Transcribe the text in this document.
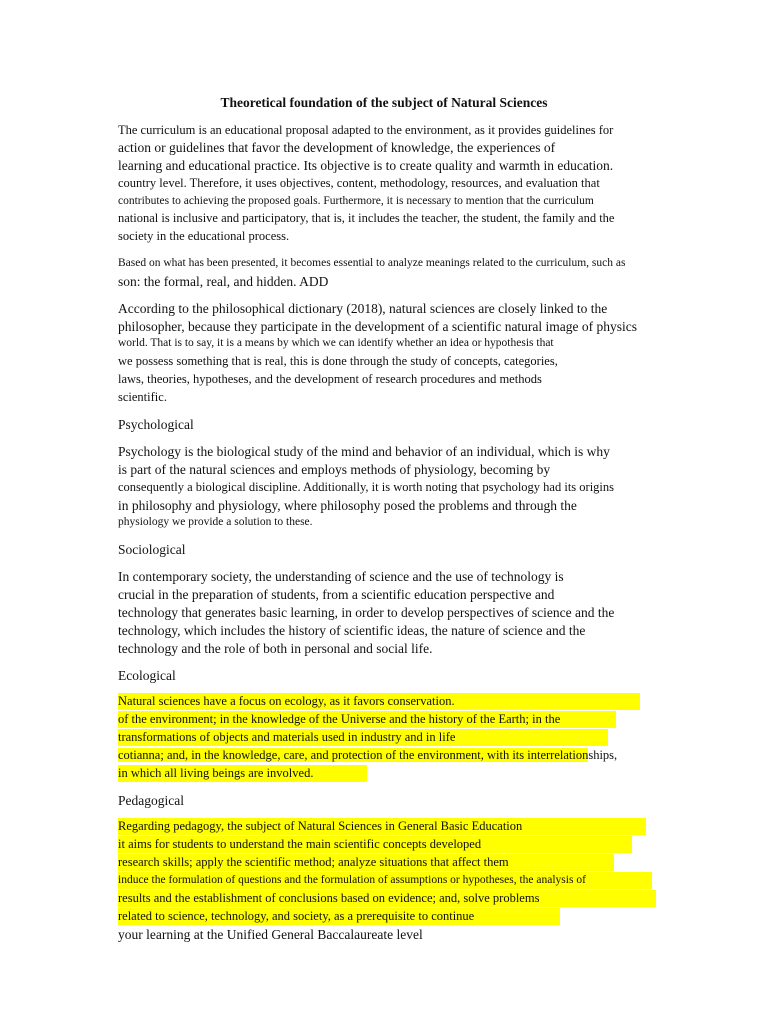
Theoretical foundation of the subject of Natural Sciences
The curriculum is an educational proposal adapted to the environment, as it provides guidelines for
action or guidelines that favor the development of knowledge, the experiences of
learning and educational practice. Its objective is to create quality and warmth in education.
country level. Therefore, it uses objectives, content, methodology, resources, and evaluation that
contributes to achieving the proposed goals. Furthermore, it is necessary to mention that the curriculum
national is inclusive and participatory, that is, it includes the teacher, the student, the family and the
society in the educational process.
Based on what has been presented, it becomes essential to analyze meanings related to the curriculum, such as
son: the formal, real, and hidden. ADD
According to the philosophical dictionary (2018), natural sciences are closely linked to the
philosopher, because they participate in the development of a scientific natural image of physics
world. That is to say, it is a means by which we can identify whether an idea or hypothesis that
we possess something that is real, this is done through the study of concepts, categories,
laws, theories, hypotheses, and the development of research procedures and methods
scientific.
Psychological
Psychology is the biological study of the mind and behavior of an individual, which is why
is part of the natural sciences and employs methods of physiology, becoming by
consequently a biological discipline. Additionally, it is worth noting that psychology had its origins
in philosophy and physiology, where philosophy posed the problems and through the
physiology we provide a solution to these.
Sociological
In contemporary society, the understanding of science and the use of technology is
crucial in the preparation of students, from a scientific education perspective and
technology that generates basic learning, in order to develop perspectives of science and the
technology, which includes the history of scientific ideas, the nature of science and the
technology and the role of both in personal and social life.
Ecological
Natural sciences have a focus on ecology, as it favors conservation.
of the environment; in the knowledge of the Universe and the history of the Earth; in the
transformations of objects and materials used in industry and in life
cotianna; and, in the knowledge, care, and protection of the environment, with its interrelationships,
in which all living beings are involved.
Pedagogical
Regarding pedagogy, the subject of Natural Sciences in General Basic Education
it aims for students to understand the main scientific concepts developed
research skills; apply the scientific method; analyze situations that affect them
induce the formulation of questions and the formulation of assumptions or hypotheses, the analysis of
results and the establishment of conclusions based on evidence; and, solve problems
related to science, technology, and society, as a prerequisite to continue
your learning at the Unified General Baccalaureate level
